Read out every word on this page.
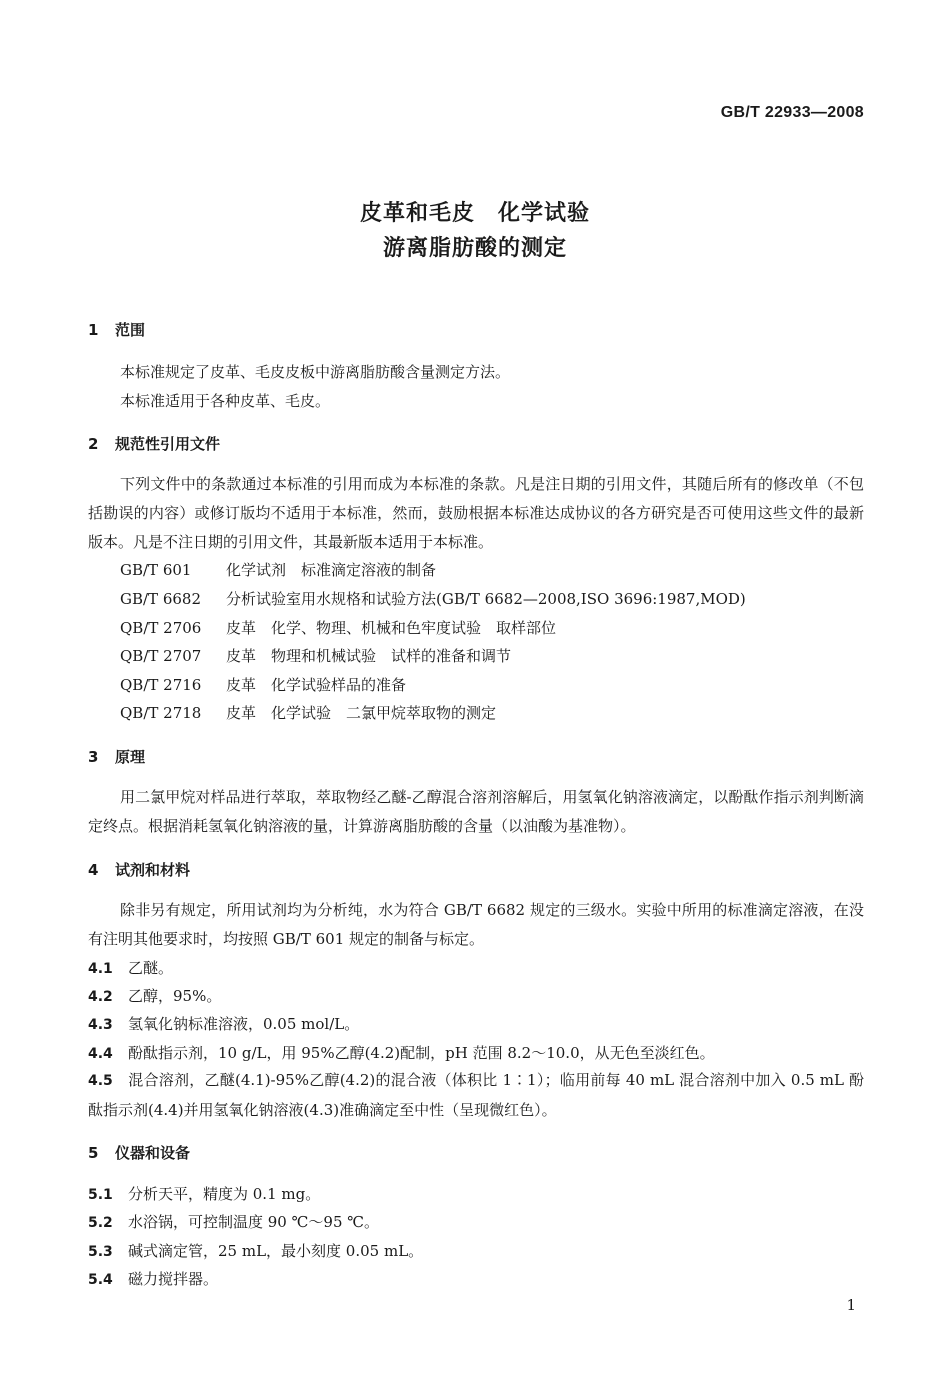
GB/T 22933—2008
皮革和毛皮　化学试验
游离脂肪酸的测定
1 范围
本标准规定了皮革、毛皮皮板中游离脂肪酸含量测定方法。
本标准适用于各种皮革、毛皮。
2 规范性引用文件
下列文件中的条款通过本标准的引用而成为本标准的条款。凡是注日期的引用文件，其随后所有的修改单（不包括勘误的内容）或修订版均不适用于本标准，然而，鼓励根据本标准达成协议的各方研究是否可使用这些文件的最新版本。凡是不注日期的引用文件，其最新版本适用于本标准。
GB/T 601 化学试剂　标准滴定溶液的制备
GB/T 6682 分析试验室用水规格和试验方法(GB/T 6682—2008,ISO 3696:1987,MOD)
QB/T 2706 皮革　化学、物理、机械和色牢度试验　取样部位
QB/T 2707 皮革　物理和机械试验　试样的准备和调节
QB/T 2716 皮革　化学试验样品的准备
QB/T 2718 皮革　化学试验　二氯甲烷萃取物的测定
3 原理
用二氯甲烷对样品进行萃取，萃取物经乙醚-乙醇混合溶剂溶解后，用氢氧化钠溶液滴定，以酚酞作指示剂判断滴定终点。根据消耗氢氧化钠溶液的量，计算游离脂肪酸的含量（以油酸为基准物）。
4 试剂和材料
除非另有规定，所用试剂均为分析纯，水为符合 GB/T 6682 规定的三级水。实验中所用的标准滴定溶液，在没有注明其他要求时，均按照 GB/T 601 规定的制备与标定。
4.1 乙醚。
4.2 乙醇，95%。
4.3 氢氧化钠标准溶液，0.05 mol/L。
4.4 酚酞指示剂，10 g/L，用 95%乙醇(4.2)配制，pH 范围 8.2～10.0，从无色至淡红色。
4.5 混合溶剂，乙醚(4.1)-95%乙醇(4.2)的混合液（体积比 1∶1）；临用前每 40 mL 混合溶剂中加入 0.5 mL 酚酞指示剂(4.4)并用氢氧化钠溶液(4.3)准确滴定至中性（呈现微红色）。
5 仪器和设备
5.1 分析天平，精度为 0.1 mg。
5.2 水浴锅，可控制温度 90 ℃～95 ℃。
5.3 碱式滴定管，25 mL，最小刻度 0.05 mL。
5.4 磁力搅拌器。
1
